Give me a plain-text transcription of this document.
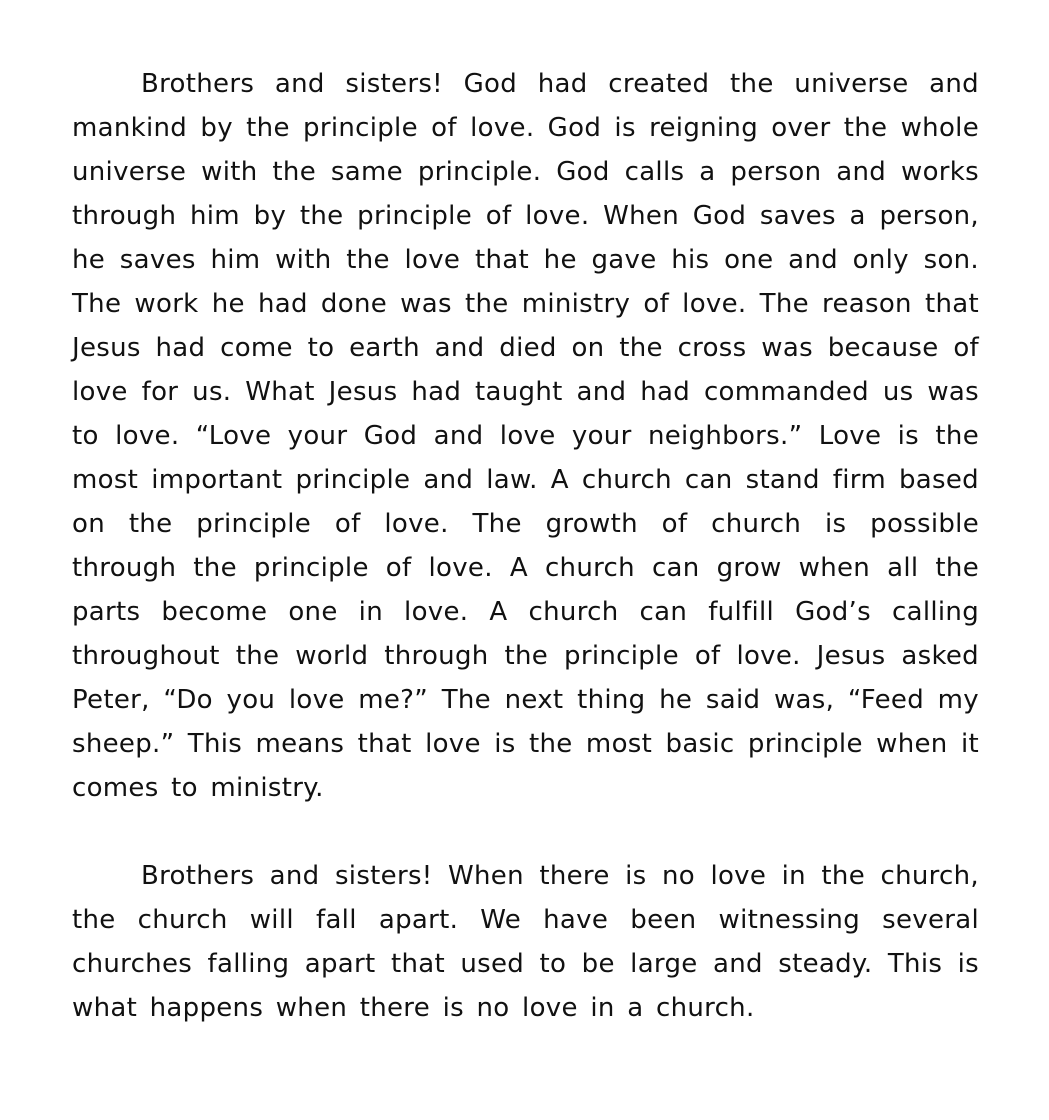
Brothers and sisters! God had created the universe and mankind by the principle of love. God is reigning over the whole universe with the same principle. God calls a person and works through him by the principle of love. When God saves a person, he saves him with the love that he gave his one and only son. The work he had done was the ministry of love. The reason that Jesus had come to earth and died on the cross was because of love for us. What Jesus had taught and had commanded us was to love. “Love your God and love your neighbors.” Love is the most important principle and law. A church can stand firm based on the principle of love. The growth of church is possible through the principle of love. A church can grow when all the parts become one in love. A church can fulfill God’s calling throughout the world through the principle of love. Jesus asked Peter, “Do you love me?” The next thing he said was, “Feed my sheep.” This means that love is the most basic principle when it comes to ministry.

Brothers and sisters! When there is no love in the church, the church will fall apart. We have been witnessing several churches falling apart that used to be large and steady. This is what happens when there is no love in a church.
